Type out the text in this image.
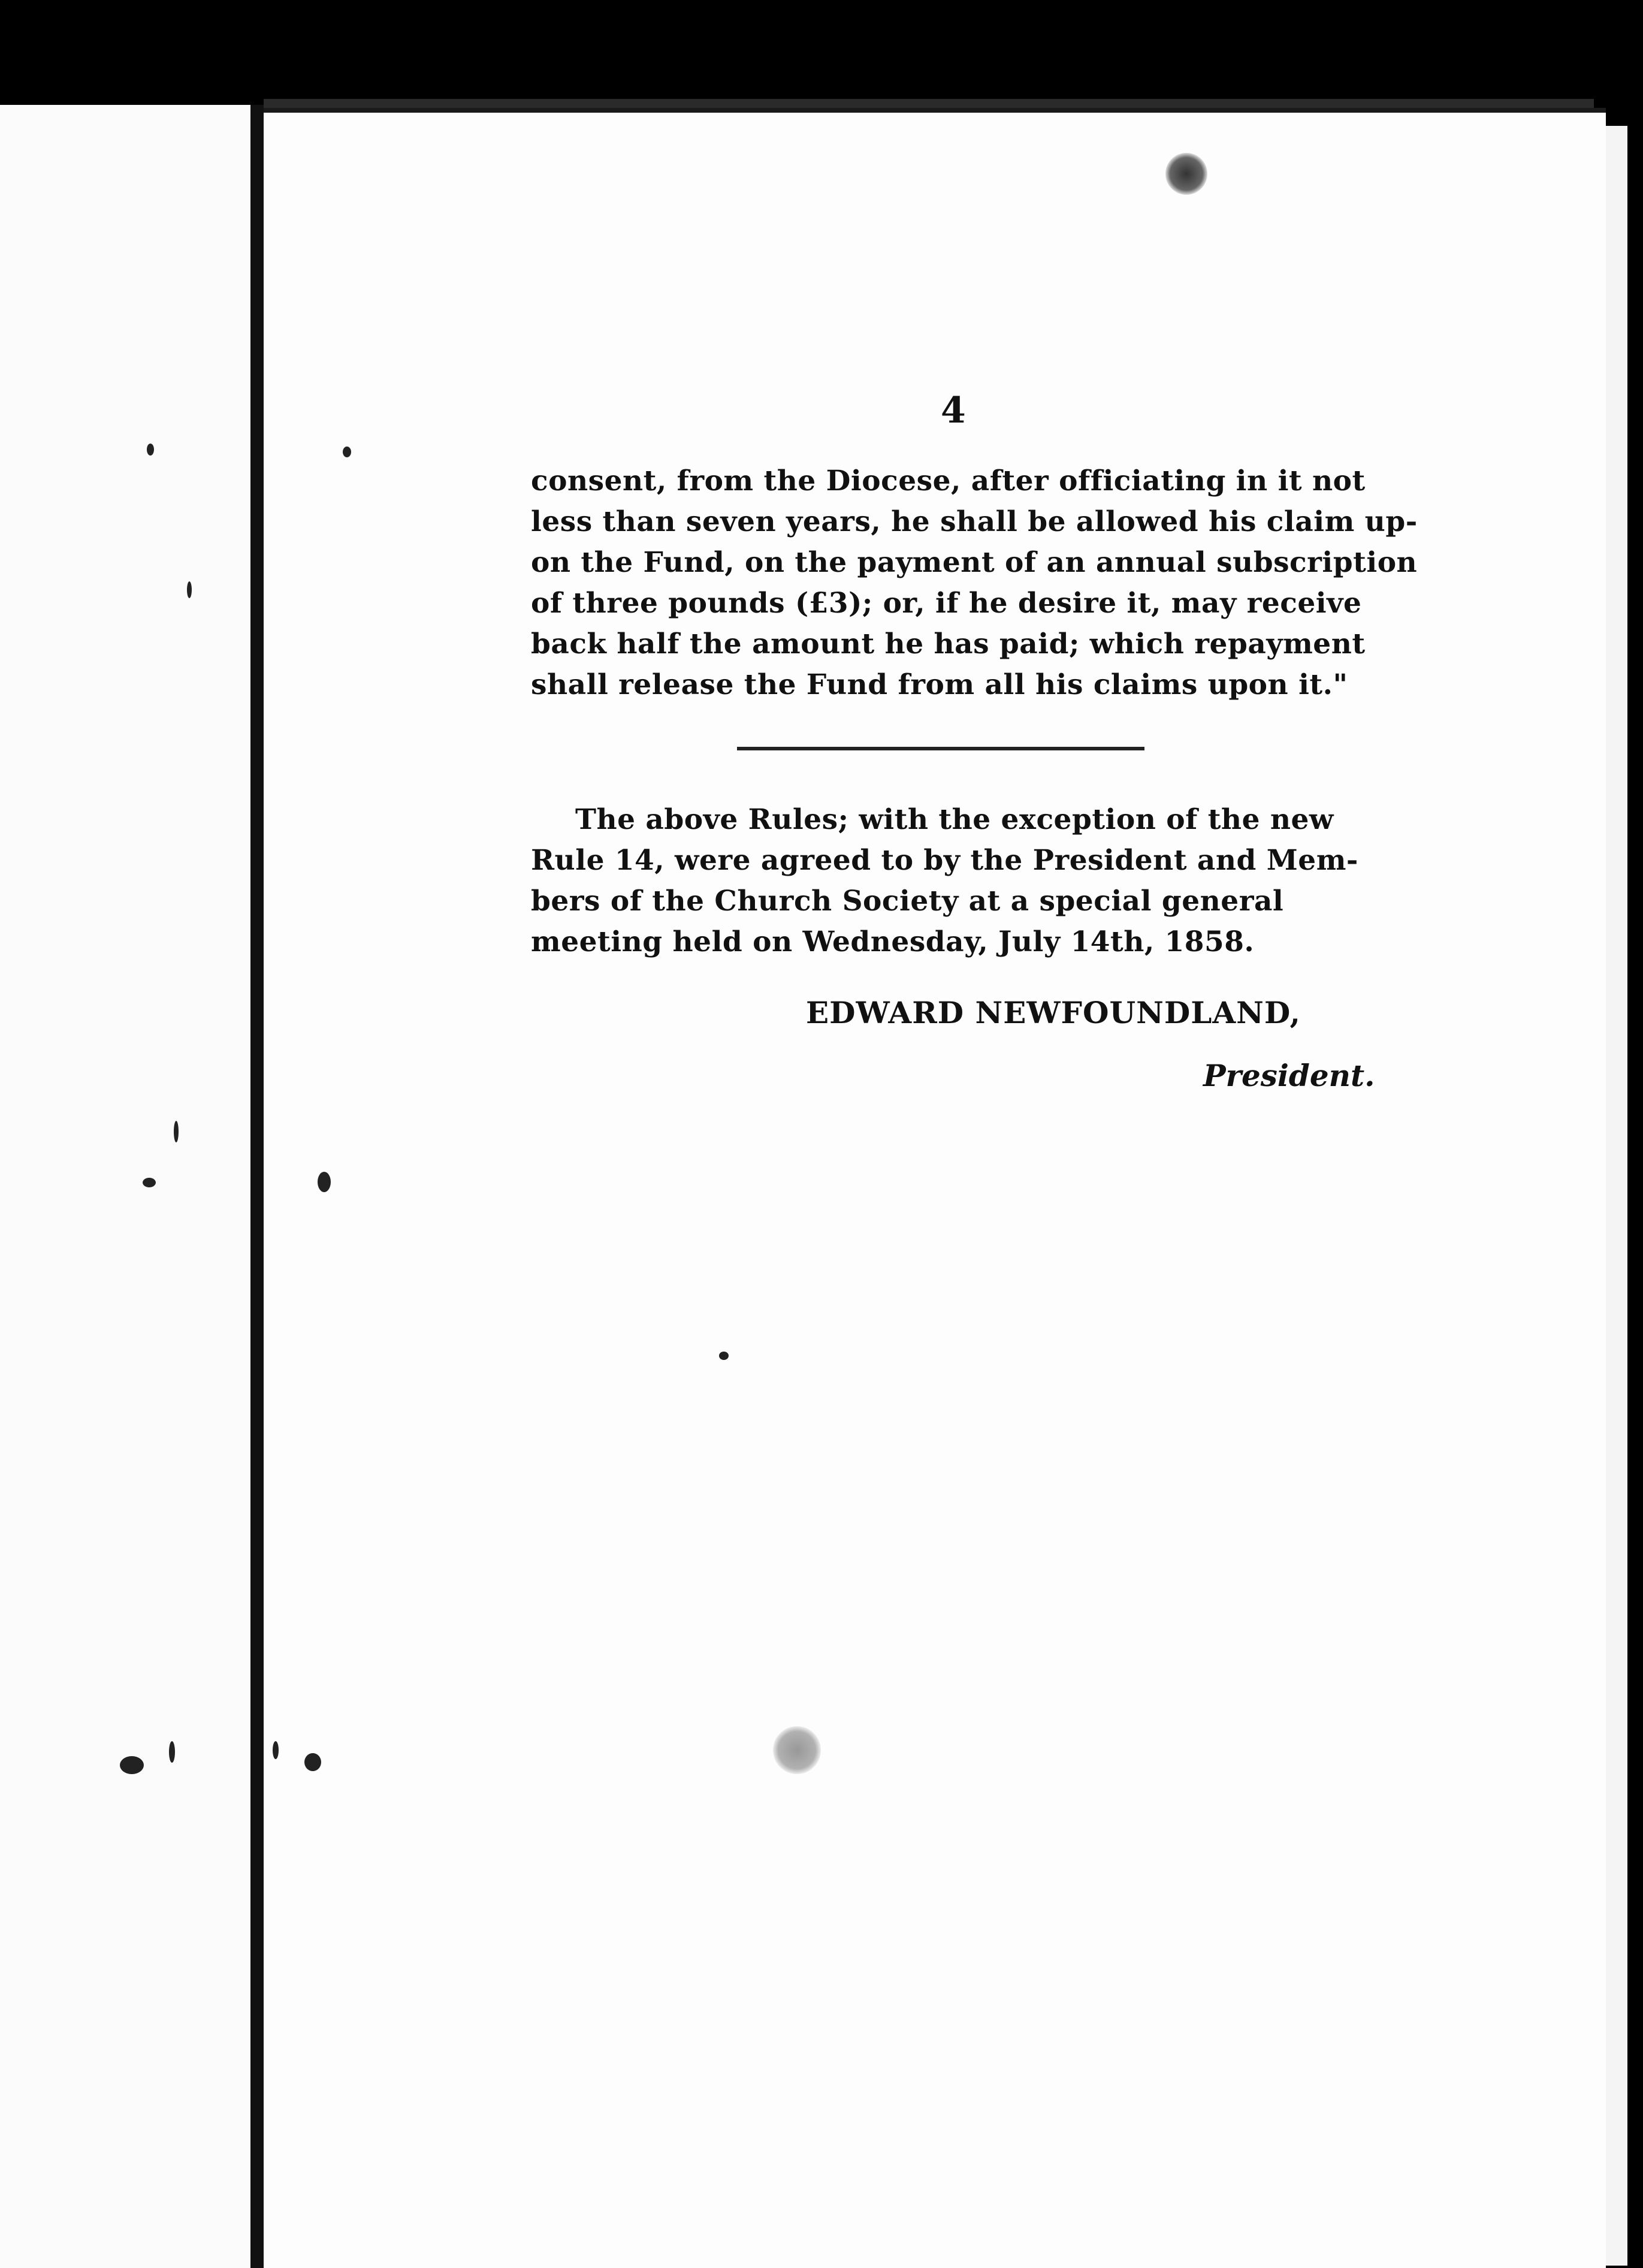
4
consent, from the Diocese, after officiating in it not
less than seven years, he shall be allowed his claim up-
on the Fund, on the payment of an annual subscription
of three pounds (£3); or, if he desire it, may receive
back half the amount he has paid; which repayment
shall release the Fund from all his claims upon it."
The above Rules; with the exception of the new
Rule 14, were agreed to by the President and Mem-
bers of the Church Society at a special general
meeting held on Wednesday, July 14th, 1858.
EDWARD NEWFOUNDLAND,
President.
